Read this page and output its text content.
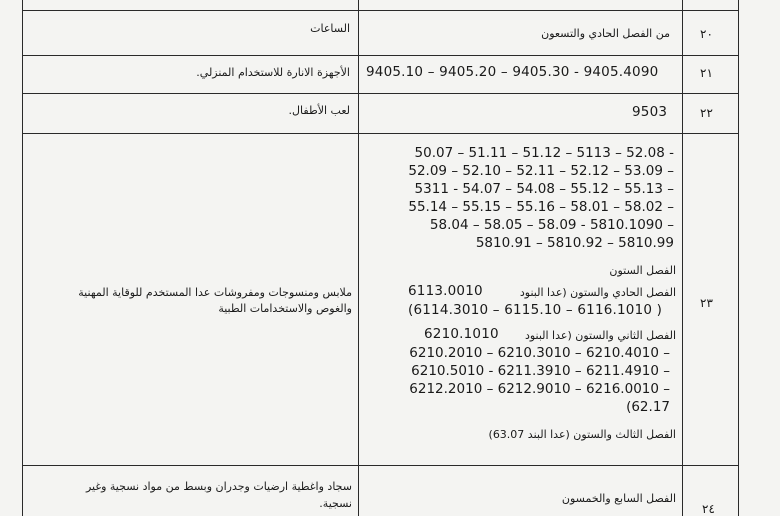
٢٠
من الفصل الحادي والتسعون
الساعات
٢١
9405.10 – 9405.20 – 9405.30 - 9405.4090
الأجهزة الانارة للاستخدام المنزلي.
٢٢
9503
لعب الأطفال.
٢٣
50.07 – 51.11 – 51.12 – 5113 – 52.08 -
52.09 – 52.10 – 52.11 – 52.12 – 53.09 –
5311 - 54.07 – 54.08 – 55.12 – 55.13 –
55.14 – 55.15 – 55.16 – 58.01 – 58.02 –
58.04 – 58.05 – 58.09 - 5810.1090 –
5810.91 – 5810.92 – 5810.99
الفصل الستون
الفصل الحادي والستون (عدا البنود
6113.0010
(6114.3010 – 6115.10 – 6116.1010 )
الفصل الثاني والستون (عدا البنود
6210.1010
6210.2010 – 6210.3010 – 6210.4010 –
6210.5010 - 6211.3910 – 6211.4910 –
6212.2010 – 6212.9010 – 6216.0010 –
(62.17
الفصل الثالث والستون (عدا البند 63.07)
ملابس ومنسوجات ومفروشات عدا المستخدم للوقاية المهنية
والغوص والاستخدامات الطبية
٢٤
الفصل السابع والخمسون
سجاد واغطية ارضيات وجدران وبسط من مواد نسجية وغير
نسجية.
